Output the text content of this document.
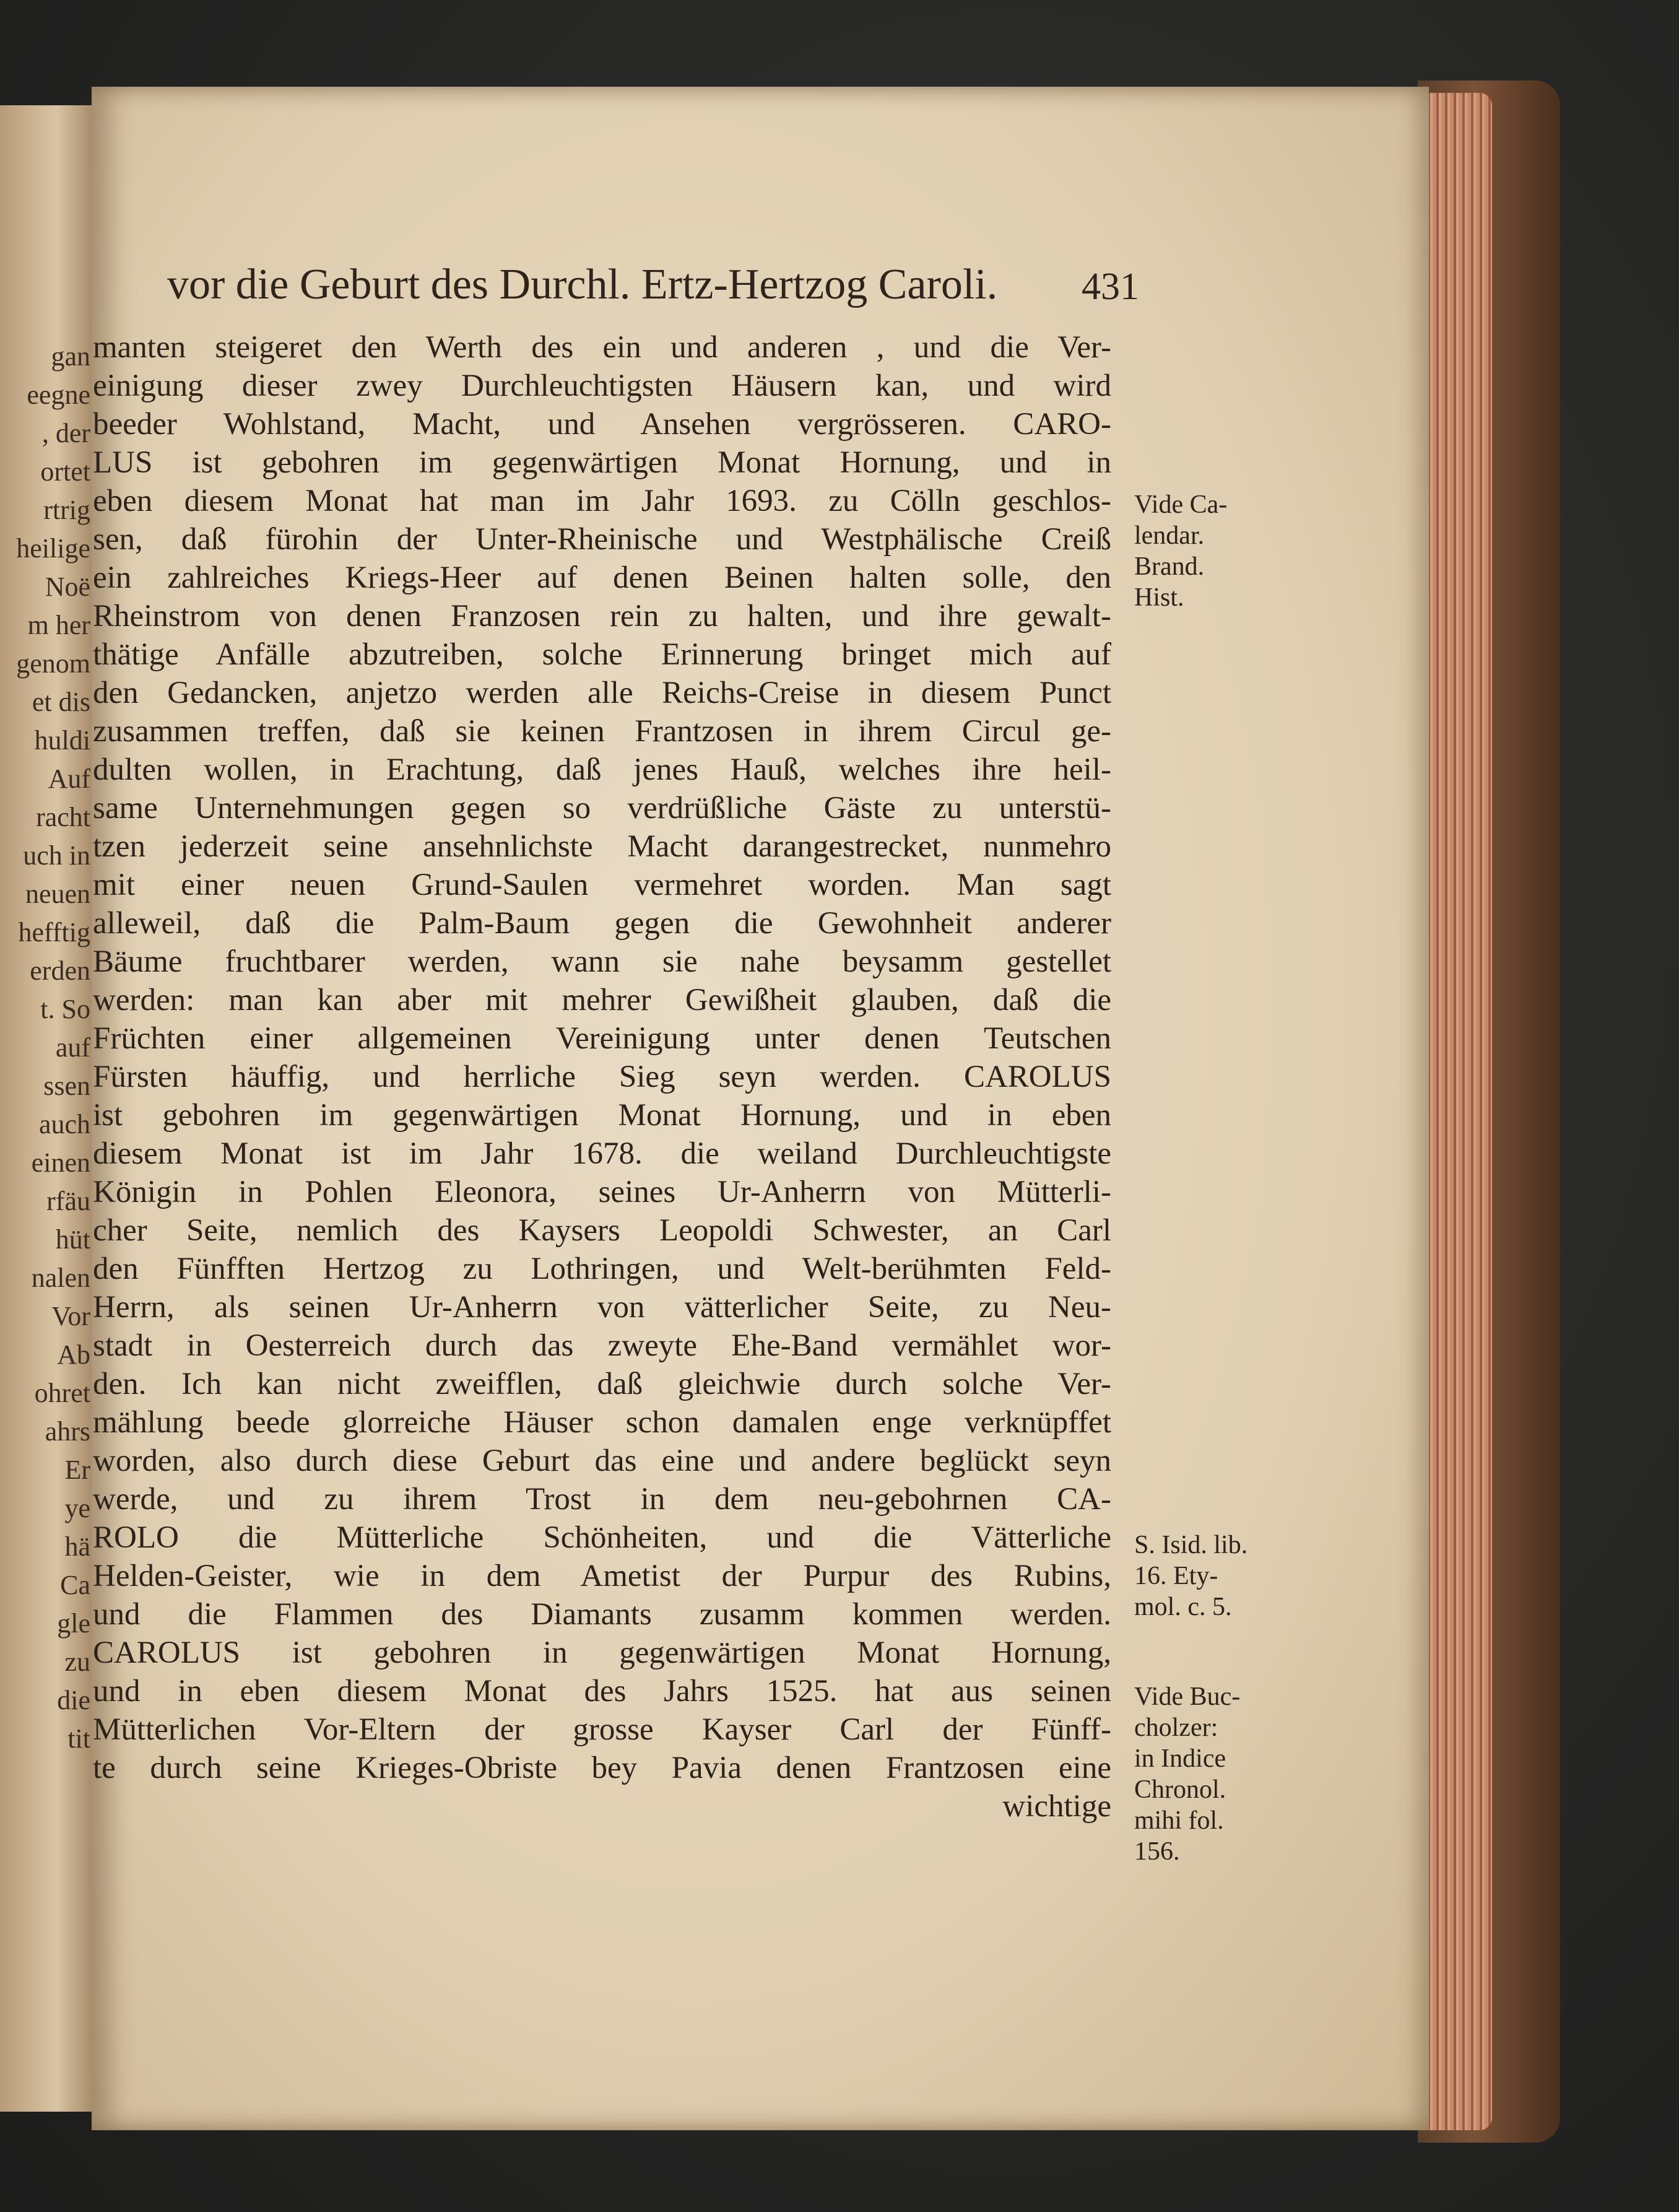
gan
eegne
, der
ortet
rtrig
heilige
Noë
m her
genom
et dis
huldi
Auf
racht
uch in
neuen
hefftig
erden
t. So
auf
ssen
auch
einen
rfäu
hüt
nalen
Vor
Ab
ohret
ahrs
Er
ye
hä
Ca
gle
zu
die
tit
vor die Geburt des Durchl. Ertz-Hertzog Caroli. 431
manten steigeret den Werth des ein und anderen , und die Ver-
einigung dieser zwey Durchleuchtigsten Häusern kan, und wird
beeder Wohlstand, Macht, und Ansehen vergrösseren. CARO-
LUS ist gebohren im gegenwärtigen Monat Hornung, und in
eben diesem Monat hat man im Jahr 1693. zu Cölln geschlos-
sen, daß fürohin der Unter-Rheinische und Westphälische Creiß
ein zahlreiches Kriegs-Heer auf denen Beinen halten solle, den
Rheinstrom von denen Franzosen rein zu halten, und ihre gewalt-
thätige Anfälle abzutreiben, solche Erinnerung bringet mich auf
den Gedancken, anjetzo werden alle Reichs-Creise in diesem Punct
zusammen treffen, daß sie keinen Frantzosen in ihrem Circul ge-
dulten wollen, in Erachtung, daß jenes Hauß, welches ihre heil-
same Unternehmungen gegen so verdrüßliche Gäste zu unterstü-
tzen jederzeit seine ansehnlichste Macht darangestrecket, nunmehro
mit einer neuen Grund-Saulen vermehret worden. Man sagt
alleweil, daß die Palm-Baum gegen die Gewohnheit anderer
Bäume fruchtbarer werden, wann sie nahe beysamm gestellet
werden: man kan aber mit mehrer Gewißheit glauben, daß die
Früchten einer allgemeinen Vereinigung unter denen Teutschen
Fürsten häuffig, und herrliche Sieg seyn werden. CAROLUS
ist gebohren im gegenwärtigen Monat Hornung, und in eben
diesem Monat ist im Jahr 1678. die weiland Durchleuchtigste
Königin in Pohlen Eleonora, seines Ur-Anherrn von Mütterli-
cher Seite, nemlich des Kaysers Leopoldi Schwester, an Carl
den Fünfften Hertzog zu Lothringen, und Welt-berühmten Feld-
Herrn, als seinen Ur-Anherrn von vätterlicher Seite, zu Neu-
stadt in Oesterreich durch das zweyte Ehe-Band vermählet wor-
den. Ich kan nicht zweifflen, daß gleichwie durch solche Ver-
mählung beede glorreiche Häuser schon damalen enge verknüpffet
worden, also durch diese Geburt das eine und andere beglückt seyn
werde, und zu ihrem Trost in dem neu-gebohrnen CA-
ROLO die Mütterliche Schönheiten, und die Vätterliche
Helden-Geister, wie in dem Ametist der Purpur des Rubins,
und die Flammen des Diamants zusamm kommen werden.
CAROLUS ist gebohren in gegenwärtigen Monat Hornung,
und in eben diesem Monat des Jahrs 1525. hat aus seinen
Mütterlichen Vor-Eltern der grosse Kayser Carl der Fünff-
te durch seine Krieges-Obriste bey Pavia denen Frantzosen eine
wichtige
Vide Ca-
lendar.
Brand.
Hist.
S. Isid. lib.
16. Ety-
mol. c. 5.
Vide Buc-
cholzer:
in Indice
Chronol.
mihi fol.
156.
